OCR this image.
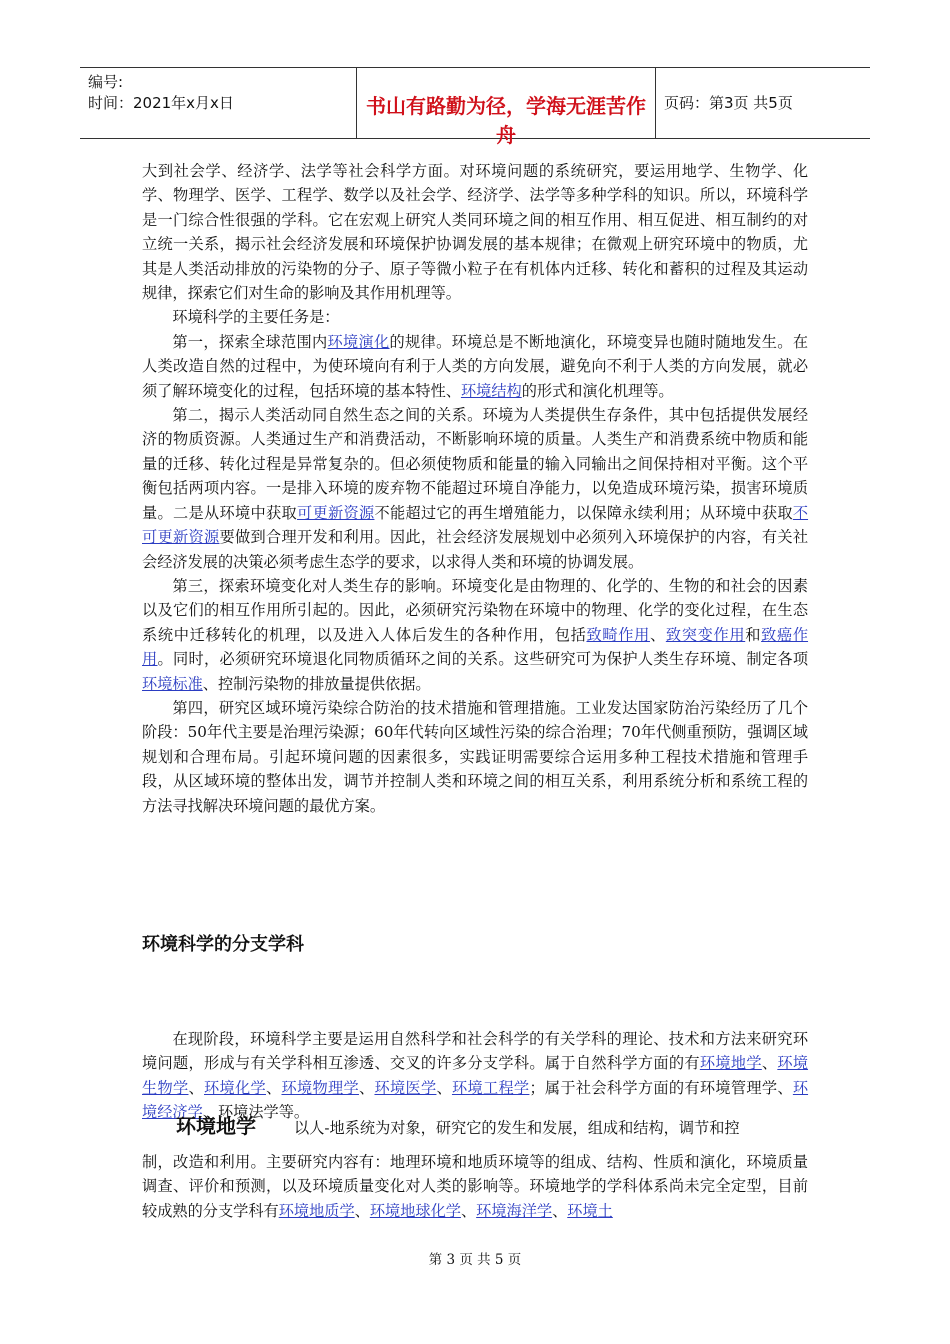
编号:
时间：2021年x月x日	书山有路勤为径，学海无涯苦作舟
页码：第3页 共5页

大到社会学、经济学、法学等社会科学方面。对环境问题的系统研究，要运用地学、生物学、化学、物理学、医学、工程学、数学以及社会学、经济学、法学等多种学科的知识。所以，环境科学是一门综合性很强的学科。它在宏观上研究人类同环境之间的相互作用、相互促进、相互制约的对立统一关系，揭示社会经济发展和环境保护协调发展的基本规律；在微观上研究环境中的物质，尤其是人类活动排放的污染物的分子、原子等微小粒子在有机体内迁移、转化和蓄积的过程及其运动规律，探索它们对生命的影响及其作用机理等。

环境科学的主要任务是：

第一，探索全球范围内环境演化的规律。环境总是不断地演化，环境变异也随时随地发生。在人类改造自然的过程中，为使环境向有利于人类的方向发展，避免向不利于人类的方向发展，就必须了解环境变化的过程，包括环境的基本特性、环境结构的形式和演化机理等。

第二，揭示人类活动同自然生态之间的关系。环境为人类提供生存条件，其中包括提供发展经济的物质资源。人类通过生产和消费活动，不断影响环境的质量。人类生产和消费系统中物质和能量的迁移、转化过程是异常复杂的。但必须使物质和能量的输入同输出之间保持相对平衡。这个平衡包括两项内容。一是排入环境的废弃物不能超过环境自净能力，以免造成环境污染，损害环境质量。二是从环境中获取可更新资源不能超过它的再生增殖能力，以保障永续利用；从环境中获取不可更新资源要做到合理开发和利用。因此，社会经济发展规划中必须列入环境保护的内容，有关社会经济发展的决策必须考虑生态学的要求，以求得人类和环境的协调发展。

第三，探索环境变化对人类生存的影响。环境变化是由物理的、化学的、生物的和社会的因素以及它们的相互作用所引起的。因此，必须研究污染物在环境中的物理、化学的变化过程，在生态系统中迁移转化的机理，以及进入人体后发生的各种作用，包括致畸作用、致突变作用和致癌作用。同时，必须研究环境退化同物质循环之间的关系。这些研究可为保护人类生存环境、制定各项环境标准、控制污染物的排放量提供依据。

第四，研究区域环境污染综合防治的技术措施和管理措施。工业发达国家防治污染经历了几个阶段：50年代主要是治理污染源；60年代转向区域性污染的综合治理；70年代侧重预防，强调区域规划和合理布局。引起环境问题的因素很多，实践证明需要综合运用多种工程技术措施和管理手段，从区域环境的整体出发，调节并控制人类和环境之间的相互关系，利用系统分析和系统工程的方法寻找解决环境问题的最优方案。

环境科学的分支学科

在现阶段，环境科学主要是运用自然科学和社会科学的有关学科的理论、技术和方法来研究环境问题，形成与有关学科相互渗透、交叉的许多分支学科。属于自然科学方面的有环境地学、环境生物学、环境化学、环境物理学、环境医学、环境工程学；属于社会科学方面的有环境管理学、环境经济学、环境法学等。

环境地学	以人-地系统为对象，研究它的发生和发展，组成和结构，调节和控

制，改造和利用。主要研究内容有：地理环境和地质环境等的组成、结构、性质和演化，环境质量调查、评价和预测，以及环境质量变化对人类的影响等。环境地学的学科体系尚未完全定型，目前较成熟的分支学科有环境地质学、环境地球化学、环境海洋学、环境土

第 3 页 共 5 页
